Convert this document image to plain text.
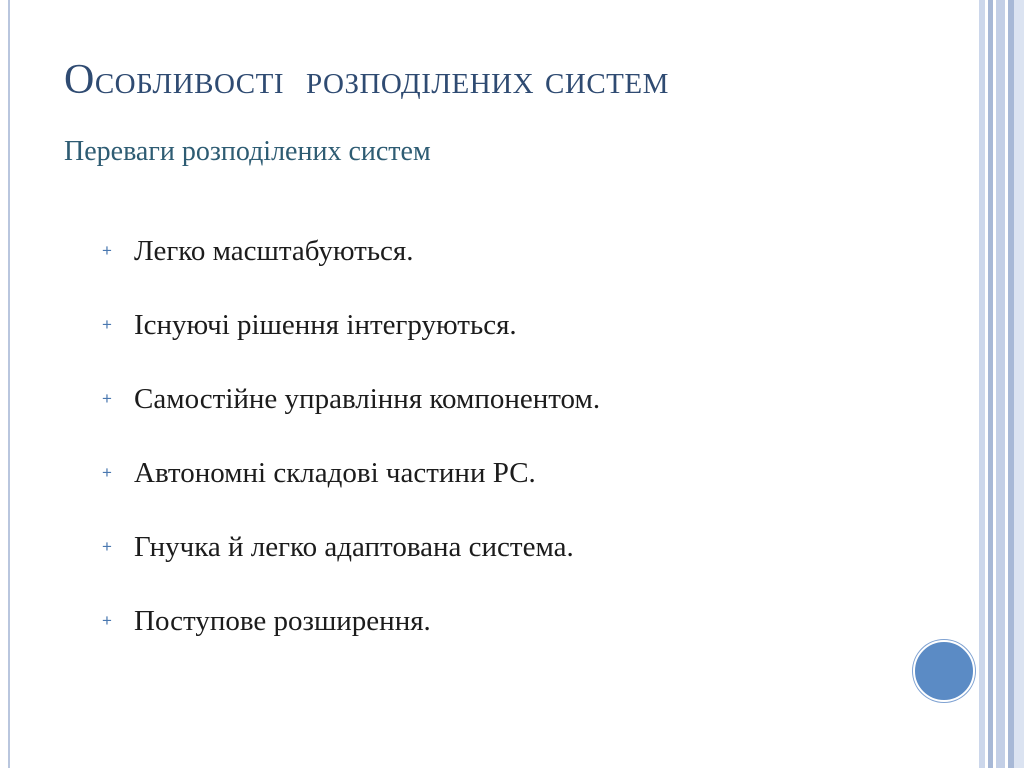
Особливості  розподілених систем
Переваги розподілених систем
+ Легко масштабуються.
+ Існуючі рішення інтегруються.
+ Самостійне управління компонентом.
+ Автономні складові частини РС.
+ Гнучка й легко адаптована система.
+ Поступове розширення.
